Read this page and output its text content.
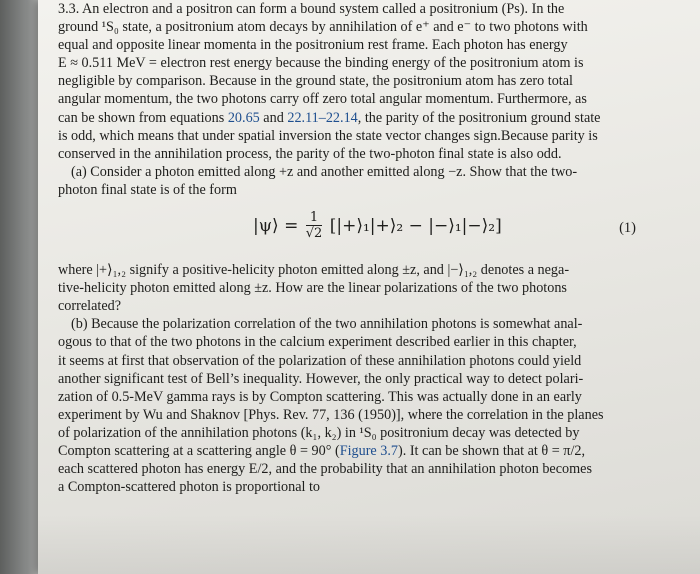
3.3. An electron and a positron can form a bound system called a positronium (Ps). In the
ground ¹S₀ state, a positronium atom decays by annihilation of e⁺ and e⁻ to two photons with
equal and opposite linear momenta in the positronium rest frame. Each photon has energy
E ≈ 0.511 MeV = electron rest energy because the binding energy of the positronium atom is
negligible by comparison. Because in the ground state, the positronium atom has zero total
angular momentum, the two photons carry off zero total angular momentum. Furthermore, as
can be shown from equations 20.65 and 22.11–22.14, the parity of the positronium ground state
is odd, which means that under spatial inversion the state vector changes sign.Because parity is
conserved in the annihilation process, the parity of the two-photon final state is also odd.

(a) Consider a photon emitted along +z and another emitted along −z. Show that the two-
photon final state is of the form

|ψ⟩ = $\frac{1}{√2}$ [|+⟩₁|+⟩₂ − |−⟩₁|−⟩₂]	(1)

where |+⟩₁,₂ signify a positive-helicity photon emitted along ±z, and |−⟩₁,₂ denotes a nega-
tive-helicity photon emitted along ±z. How are the linear polarizations of the two photons
correlated?

(b) Because the polarization correlation of the two annihilation photons is somewhat anal-
ogous to that of the two photons in the calcium experiment described earlier in this chapter,
it seems at first that observation of the polarization of these annihilation photons could yield
another significant test of Bell’s inequality. However, the only practical way to detect polari-
zation of 0.5-MeV gamma rays is by Compton scattering. This was actually done in an early
experiment by Wu and Shaknov [Phys. Rev. 77, 136 (1950)], where the correlation in the planes
of polarization of the annihilation photons (k₁, k₂) in ¹S₀ positronium decay was detected by
Compton scattering at a scattering angle θ = 90° (Figure 3.7). It can be shown that at θ = π/2,
each scattered photon has energy E/2, and the probability that an annihilation photon becomes
a Compton-scattered photon is proportional to
